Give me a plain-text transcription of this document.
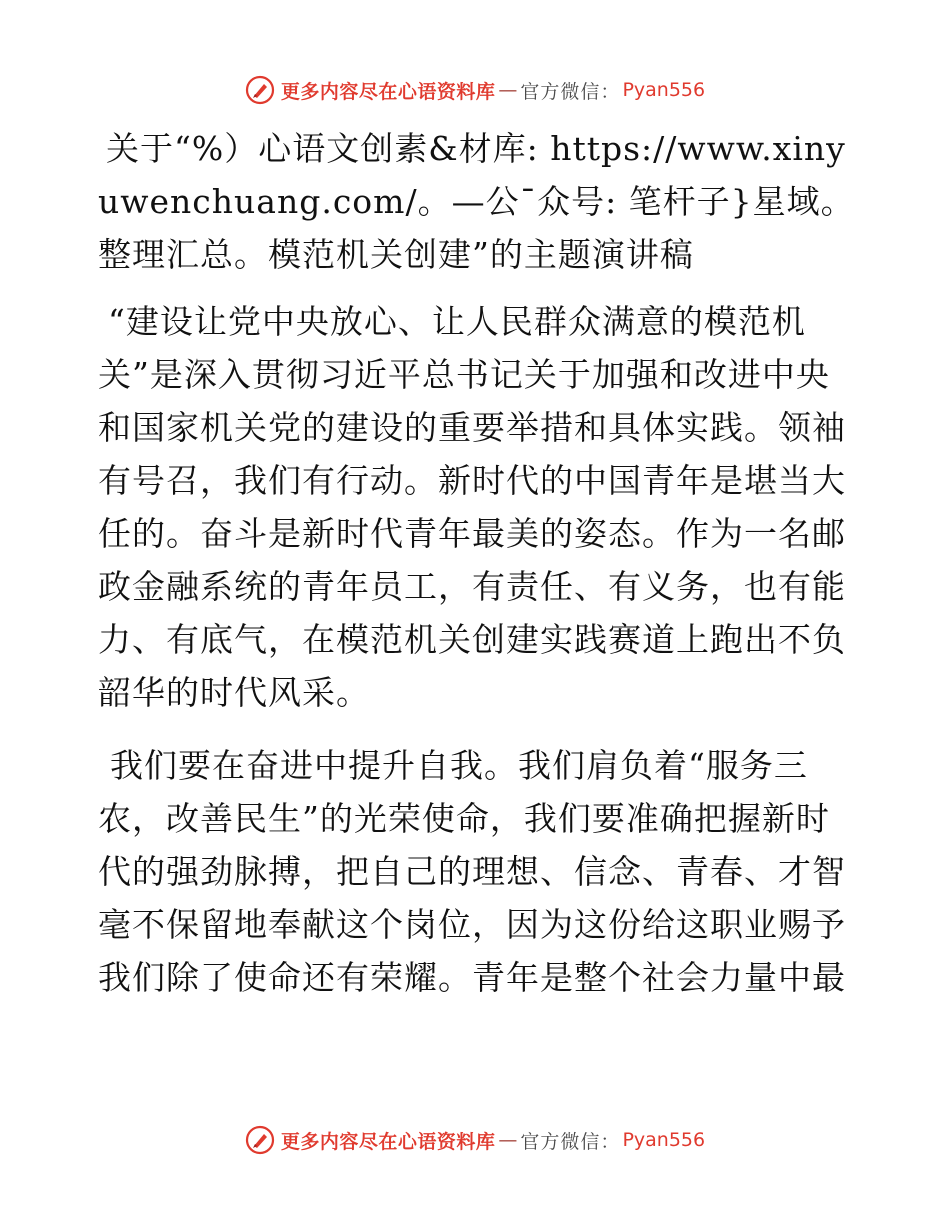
更多内容尽在心语资料库 — 官方微信： Pyan556

关于“%）心语文创素&材库: https://www.xinyuwenchuang.com/。—公¯众号: 笔杆子}星域。整理汇总。模范机关创建”的主题演讲稿

“建设让党中央放心、让人民群众满意的模范机关”是深入贯彻习近平总书记关于加强和改进中央和国家机关党的建设的重要举措和具体实践。领袖有号召，我们有行动。新时代的中国青年是堪当大任的。奋斗是新时代青年最美的姿态。作为一名邮政金融系统的青年员工，有责任、有义务，也有能力、有底气，在模范机关创建实践赛道上跑出不负韶华的时代风采。

我们要在奋进中提升自我。我们肩负着“服务三农，改善民生”的光荣使命，我们要准确把握新时代的强劲脉搏，把自己的理想、信念、青春、才智毫不保留地奉献这个岗位，因为这份给这职业赐予我们除了使命还有荣耀。青年是整个社会力量中最

更多内容尽在心语资料库 — 官方微信： Pyan556
